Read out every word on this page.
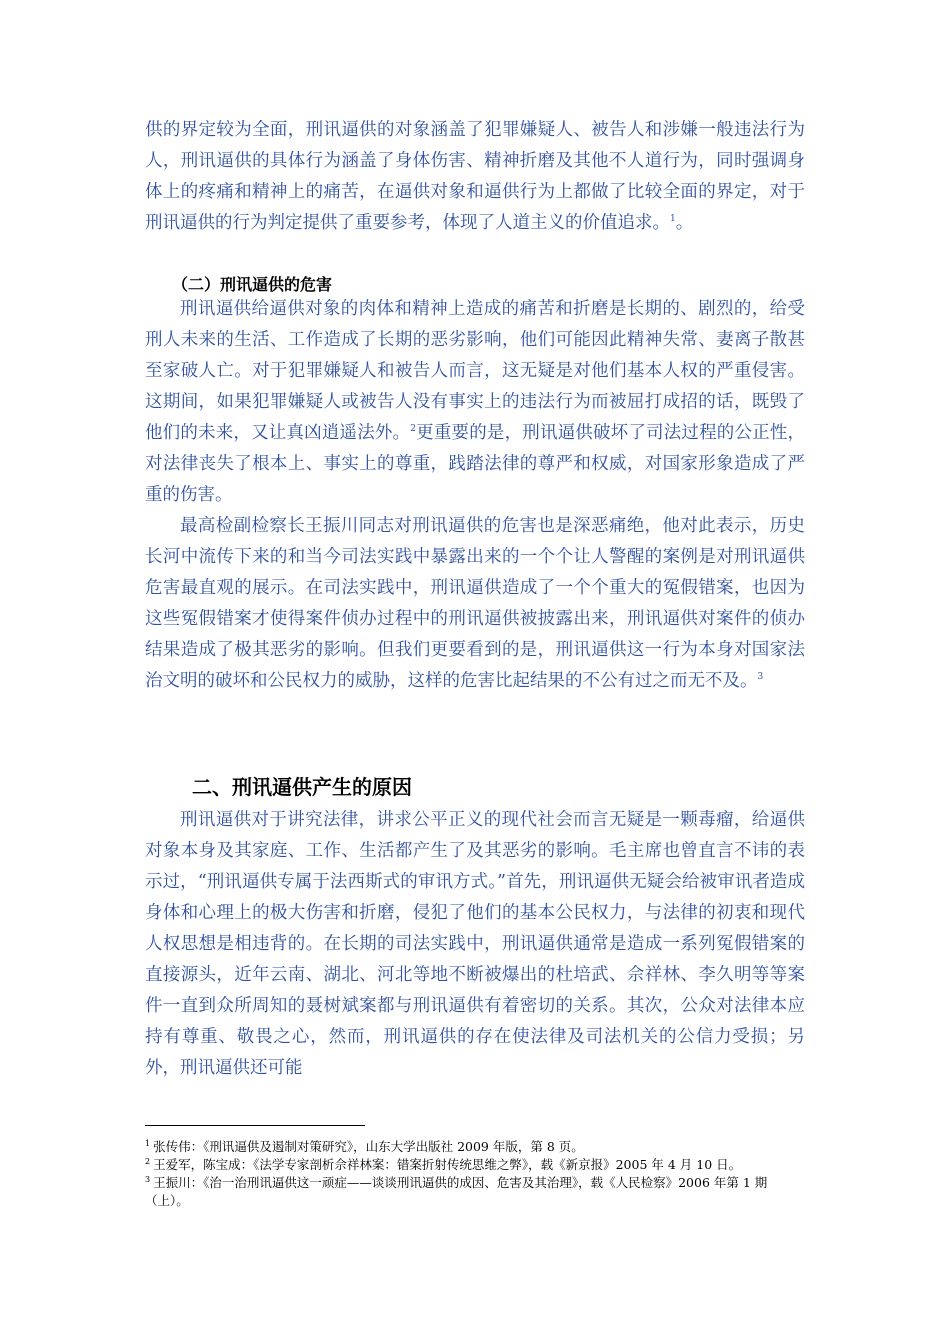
供的界定较为全面，刑讯逼供的对象涵盖了犯罪嫌疑人、被告人和涉嫌一般违法行为人，刑讯逼供的具体行为涵盖了身体伤害、精神折磨及其他不人道行为，同时强调身体上的疼痛和精神上的痛苦，在逼供对象和逼供行为上都做了比较全面的界定，对于刑讯逼供的行为判定提供了重要参考，体现了人道主义的价值追求。$^1$。

（二）刑讯逼供的危害

刑讯逼供给逼供对象的肉体和精神上造成的痛苦和折磨是长期的、剧烈的，给受刑人未来的生活、工作造成了长期的恶劣影响，他们可能因此精神失常、妻离子散甚至家破人亡。对于犯罪嫌疑人和被告人而言，这无疑是对他们基本人权的严重侵害。这期间，如果犯罪嫌疑人或被告人没有事实上的违法行为而被屈打成招的话，既毁了他们的未来，又让真凶逍遥法外。$^2$更重要的是，刑讯逼供破坏了司法过程的公正性，对法律丧失了根本上、事实上的尊重，践踏法律的尊严和权威，对国家形象造成了严重的伤害。

最高检副检察长王振川同志对刑讯逼供的危害也是深恶痛绝，他对此表示，历史长河中流传下来的和当今司法实践中暴露出来的一个个让人警醒的案例是对刑讯逼供危害最直观的展示。在司法实践中，刑讯逼供造成了一个个重大的冤假错案，也因为这些冤假错案才使得案件侦办过程中的刑讯逼供被披露出来，刑讯逼供对案件的侦办结果造成了极其恶劣的影响。但我们更要看到的是，刑讯逼供这一行为本身对国家法治文明的破坏和公民权力的威胁，这样的危害比起结果的不公有过之而无不及。$^3$

二、刑讯逼供产生的原因

刑讯逼供对于讲究法律，讲求公平正义的现代社会而言无疑是一颗毒瘤，给逼供对象本身及其家庭、工作、生活都产生了及其恶劣的影响。毛主席也曾直言不讳的表示过，“刑讯逼供专属于法西斯式的审讯方式。”首先，刑讯逼供无疑会给被审讯者造成身体和心理上的极大伤害和折磨，侵犯了他们的基本公民权力，与法律的初衷和现代人权思想是相违背的。在长期的司法实践中，刑讯逼供通常是造成一系列冤假错案的直接源头，近年云南、湖北、河北等地不断被爆出的杜培武、佘祥林、李久明等等案件一直到众所周知的聂树斌案都与刑讯逼供有着密切的关系。其次，公众对法律本应持有尊重、敬畏之心，然而，刑讯逼供的存在使法律及司法机关的公信力受损；另外，刑讯逼供还可能

$^1$ 张传伟：《刑讯逼供及遏制对策研究》，山东大学出版社 2009 年版，第 8 页。

$^2$ 王爱军，陈宝成：《法学专家剖析佘祥林案：错案折射传统思维之弊》，载《新京报》2005 年 4 月 10 日。

$^3$ 王振川：《治一治刑讯逼供这一顽症——谈谈刑讯逼供的成因、危害及其治理》，载《人民检察》2006 年第 1 期（上）。
